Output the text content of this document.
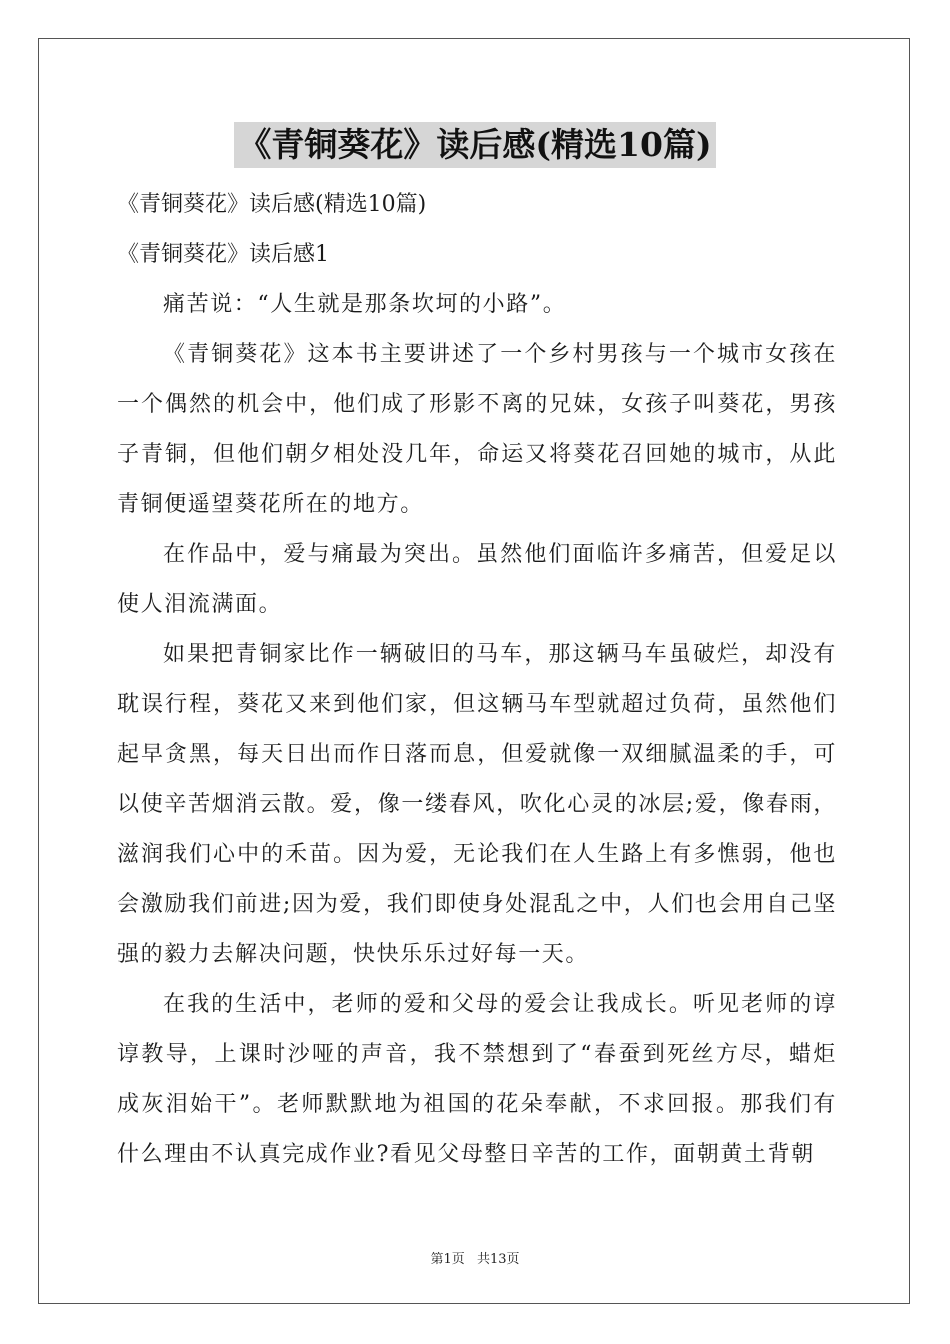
《青铜葵花》读后感(精选10篇)

《青铜葵花》读后感(精选10篇)

《青铜葵花》读后感1

痛苦说：“人生就是那条坎坷的小路”。

《青铜葵花》这本书主要讲述了一个乡村男孩与一个城市女孩在一个偶然的机会中，他们成了形影不离的兄妹，女孩子叫葵花，男孩子青铜，但他们朝夕相处没几年，命运又将葵花召回她的城市，从此青铜便遥望葵花所在的地方。

在作品中，爱与痛最为突出。虽然他们面临许多痛苦，但爱足以使人泪流满面。

如果把青铜家比作一辆破旧的马车，那这辆马车虽破烂，却没有耽误行程，葵花又来到他们家，但这辆马车型就超过负荷，虽然他们起早贪黑，每天日出而作日落而息，但爱就像一双细腻温柔的手，可以使辛苦烟消云散。爱，像一缕春风，吹化心灵的冰层;爱，像春雨，滋润我们心中的禾苗。因为爱，无论我们在人生路上有多憔弱，他也会激励我们前进;因为爱，我们即使身处混乱之中，人们也会用自己坚强的毅力去解决问题，快快乐乐过好每一天。

在我的生活中，老师的爱和父母的爱会让我成长。听见老师的谆谆教导，上课时沙哑的声音，我不禁想到了“春蚕到死丝方尽，蜡炬成灰泪始干”。老师默默地为祖国的花朵奉献，不求回报。那我们有什么理由不认真完成作业?看见父母整日辛苦的工作，面朝黄土背朝

第1页 共13页
